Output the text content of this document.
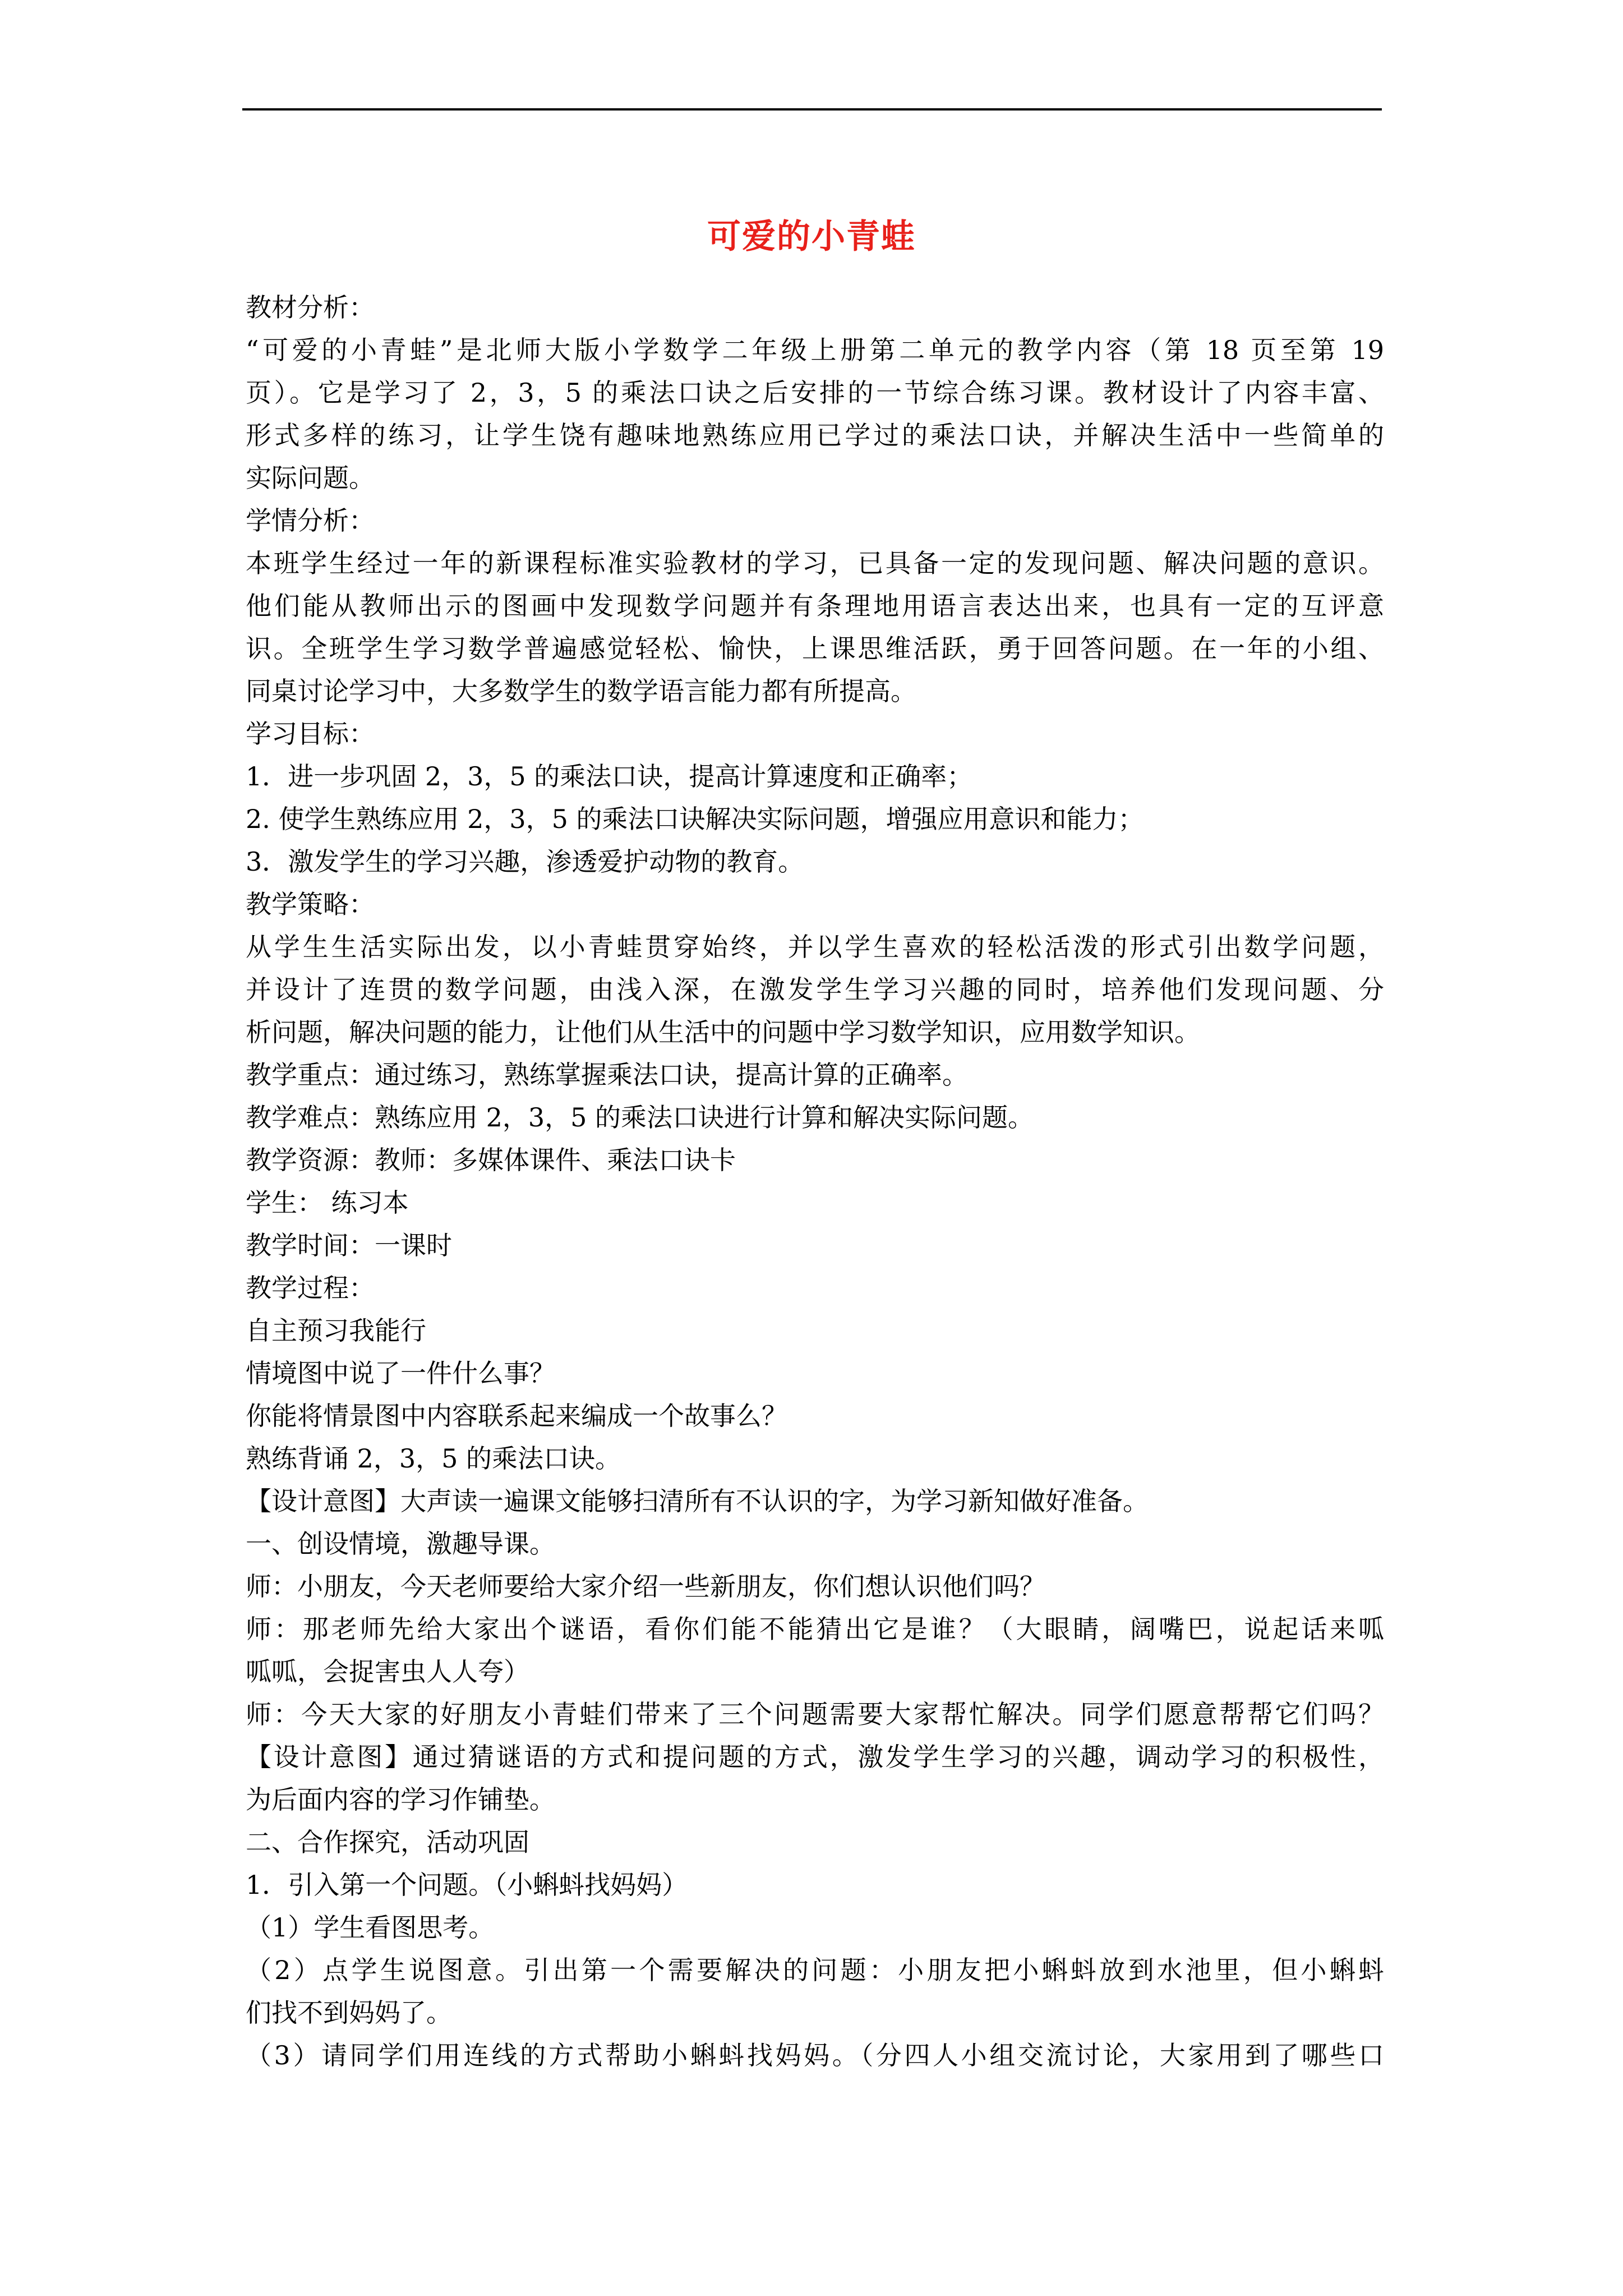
可爱的小青蛙
教材分析：
“可爱的小青蛙”是北师大版小学数学二年级上册第二单元的教学内容（第 18 页至第 19
页）。它是学习了 2，3，5 的乘法口诀之后安排的一节综合练习课。教材设计了内容丰富、
形式多样的练习，让学生饶有趣味地熟练应用已学过的乘法口诀，并解决生活中一些简单的
实际问题。
学情分析：
本班学生经过一年的新课程标准实验教材的学习，已具备一定的发现问题、解决问题的意识。
他们能从教师出示的图画中发现数学问题并有条理地用语言表达出来，也具有一定的互评意
识。全班学生学习数学普遍感觉轻松、愉快，上课思维活跃，勇于回答问题。在一年的小组、
同桌讨论学习中，大多数学生的数学语言能力都有所提高。
学习目标：
1．进一步巩固 2，3，5 的乘法口诀，提高计算速度和正确率；
2. 使学生熟练应用 2，3，5 的乘法口诀解决实际问题，增强应用意识和能力；
3．激发学生的学习兴趣，渗透爱护动物的教育。
教学策略：
从学生生活实际出发，以小青蛙贯穿始终，并以学生喜欢的轻松活泼的形式引出数学问题，
并设计了连贯的数学问题，由浅入深，在激发学生学习兴趣的同时，培养他们发现问题、分
析问题，解决问题的能力，让他们从生活中的问题中学习数学知识，应用数学知识。
教学重点：通过练习，熟练掌握乘法口诀，提高计算的正确率。
教学难点：熟练应用 2，3，5 的乘法口诀进行计算和解决实际问题。
教学资源：教师：多媒体课件、乘法口诀卡
学生： 练习本
教学时间：一课时
教学过程：
自主预习我能行
情境图中说了一件什么事？
你能将情景图中内容联系起来编成一个故事么？
熟练背诵 2，3，5 的乘法口诀。
【设计意图】大声读一遍课文能够扫清所有不认识的字，为学习新知做好准备。
一、创设情境，激趣导课。
师：小朋友，今天老师要给大家介绍一些新朋友，你们想认识他们吗？
师：那老师先给大家出个谜语，看你们能不能猜出它是谁？（大眼睛，阔嘴巴，说起话来呱
呱呱，会捉害虫人人夸）
师：今天大家的好朋友小青蛙们带来了三个问题需要大家帮忙解决。同学们愿意帮帮它们吗？
【设计意图】通过猜谜语的方式和提问题的方式，激发学生学习的兴趣，调动学习的积极性，
为后面内容的学习作铺垫。
二、合作探究，活动巩固
1．引入第一个问题。（小蝌蚪找妈妈）
（1）学生看图思考。
（2）点学生说图意。引出第一个需要解决的问题：小朋友把小蝌蚪放到水池里，但小蝌蚪
们找不到妈妈了。
（3）请同学们用连线的方式帮助小蝌蚪找妈妈。（分四人小组交流讨论，大家用到了哪些口
